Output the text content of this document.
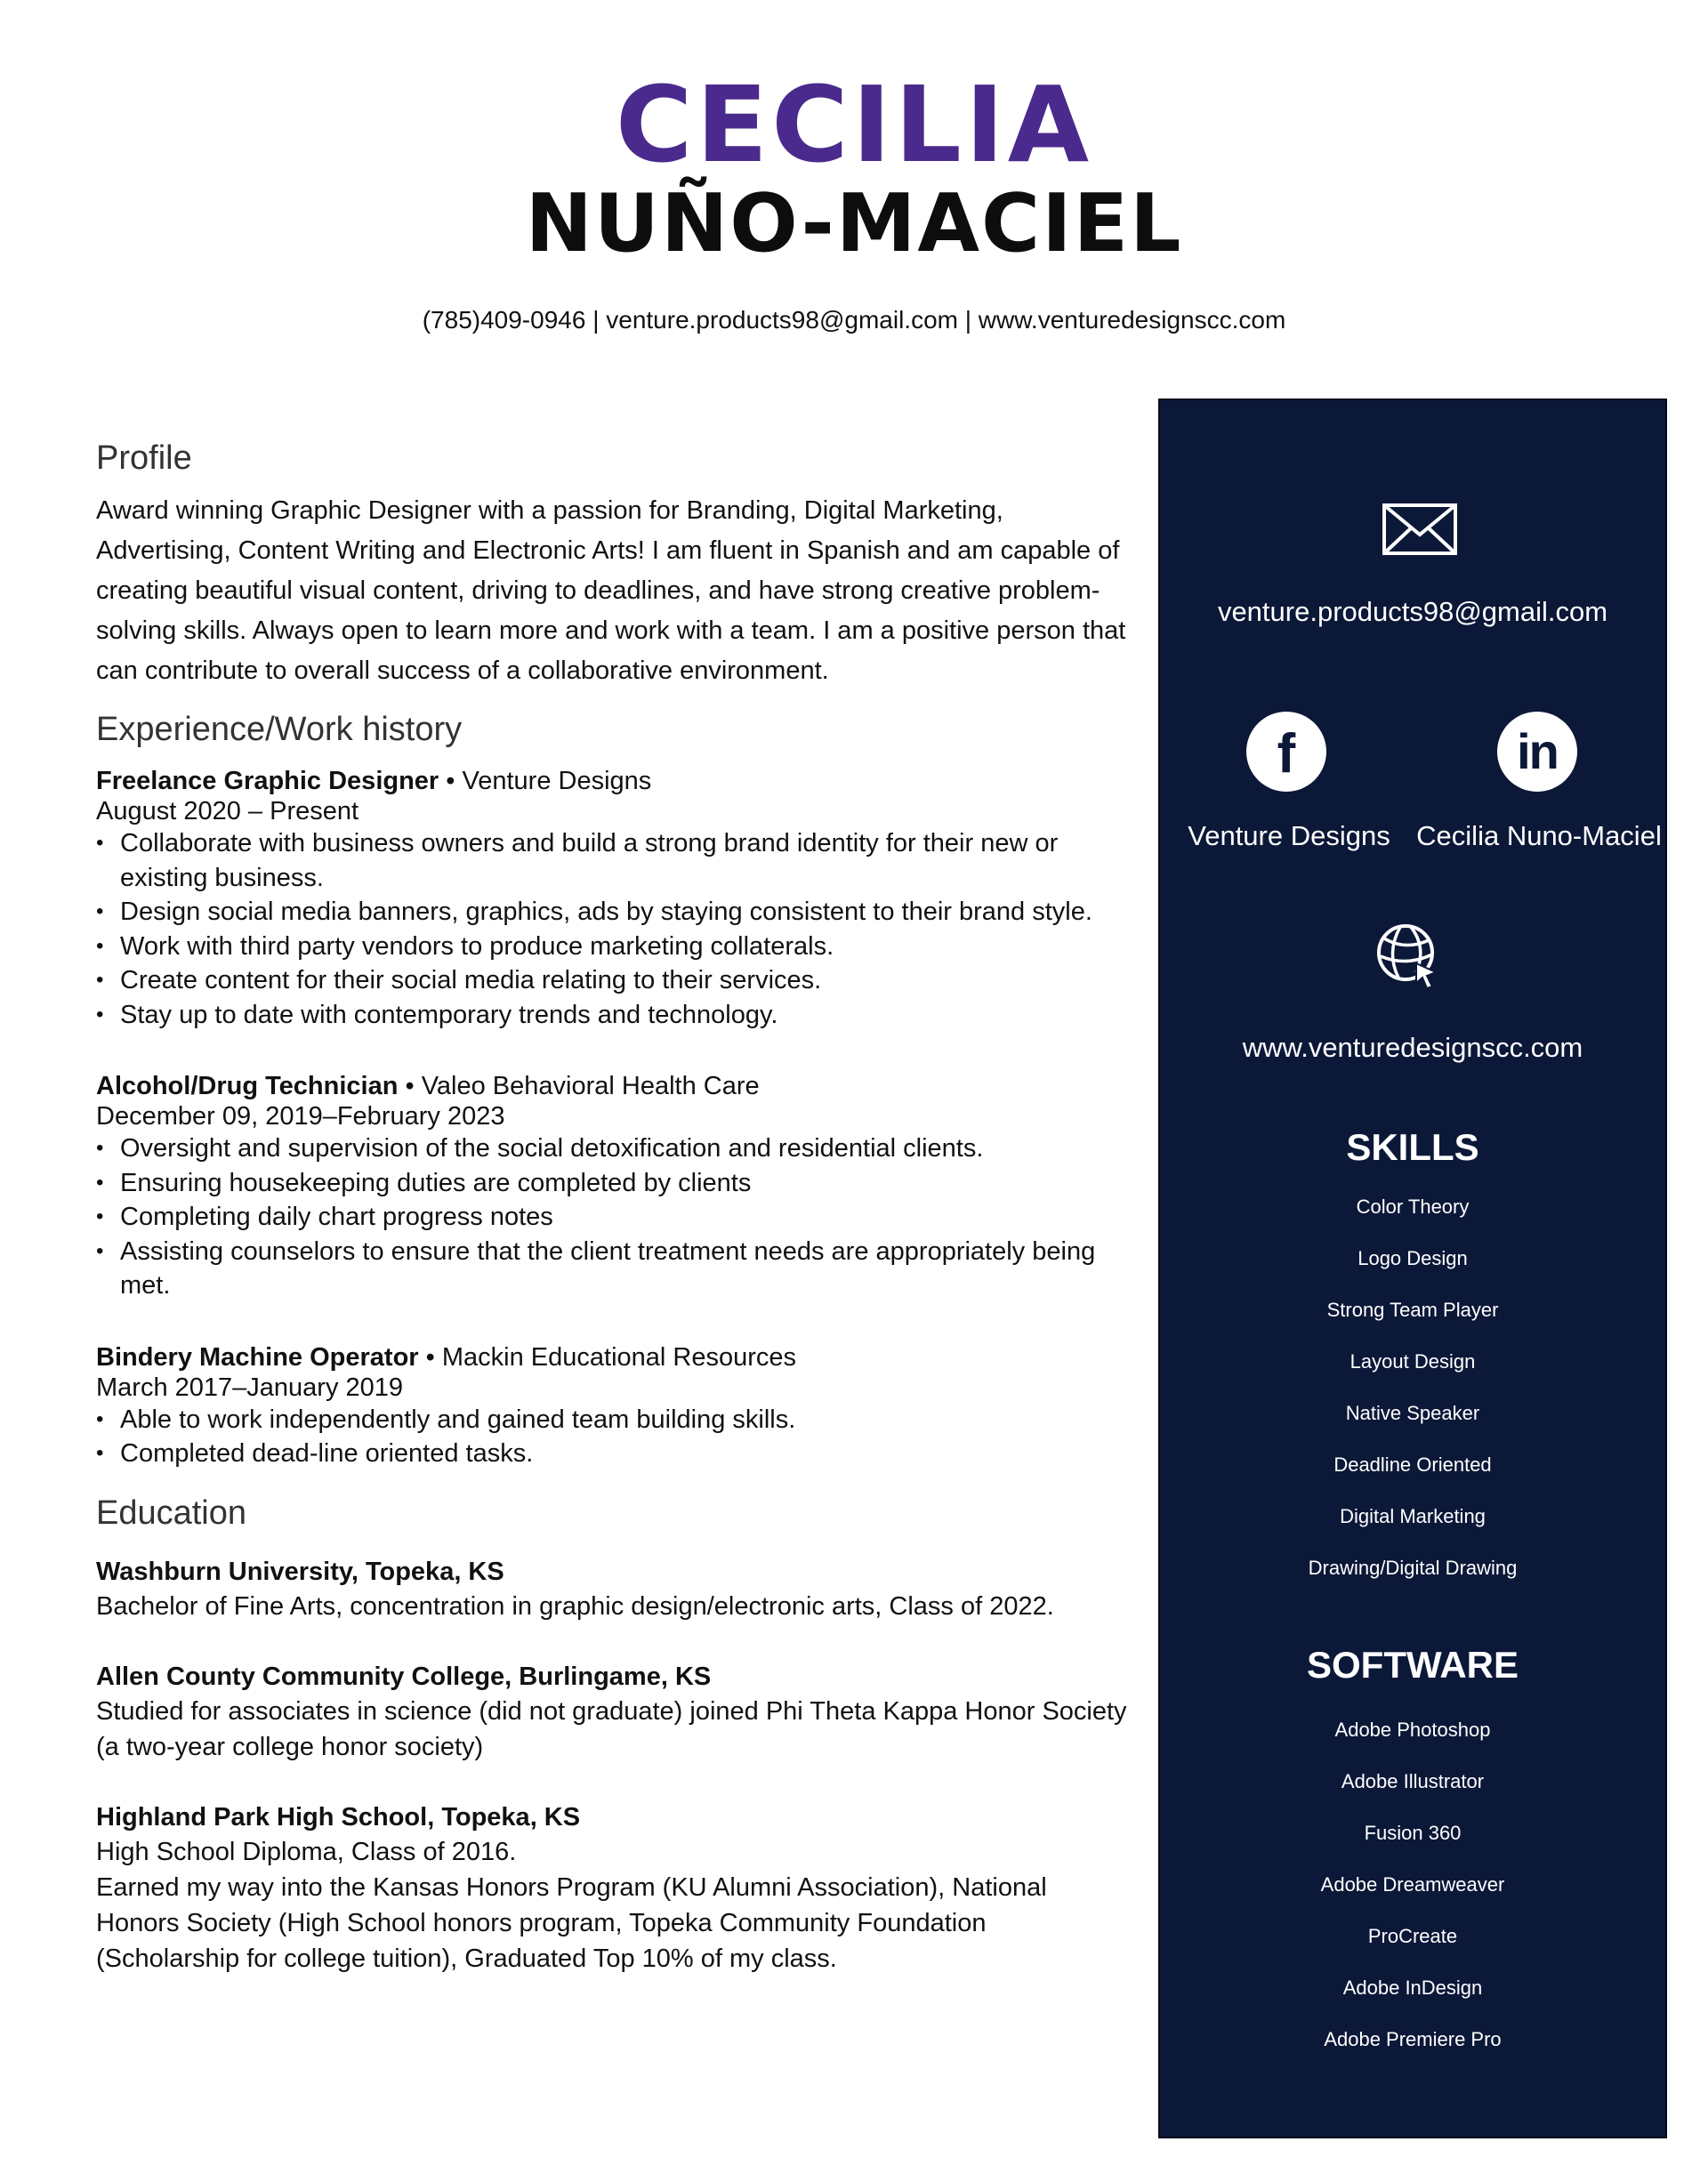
CECILIA
NUÑO-MACIEL
(785)409-0946 | venture.products98@gmail.com | www.venturedesignscc.com
Profile

Award winning Graphic Designer with a passion for Branding, Digital Marketing, Advertising, Content Writing and Electronic Arts! I am fluent in Spanish and am capable of creating beautiful visual content, driving to deadlines, and have strong creative problem-solving skills. Always open to learn more and work with a team. I am a positive person that can contribute to overall success of a collaborative environment.

Experience/Work history

Freelance Graphic Designer • Venture Designs

August 2020 – Present

• Collaborate with business owners and build a strong brand identity for their new or existing business.
• Design social media banners, graphics, ads by staying consistent to their brand style.
• Work with third party vendors to produce marketing collaterals.
• Create content for their social media relating to their services.
• Stay up to date with contemporary trends and technology.

Alcohol/Drug Technician • Valeo Behavioral Health Care

December 09, 2019–February 2023

• Oversight and supervision of the social detoxification and residential clients.
• Ensuring housekeeping duties are completed by clients
• Completing daily chart progress notes
• Assisting counselors to ensure that the client treatment needs are appropriately being met.

Bindery Machine Operator • Mackin Educational Resources

March 2017–January 2019

• Able to work independently and gained team building skills.
• Completed dead-line oriented tasks.
Education

Washburn University, Topeka, KS

Bachelor of Fine Arts, concentration in graphic design/electronic arts, Class of 2022.

Allen County Community College, Burlingame, KS

Studied for associates in science (did not graduate) joined Phi Theta Kappa Honor Society (a two-year college honor society)

Highland Park High School, Topeka, KS

High School Diploma, Class of 2016.

Earned my way into the Kansas Honors Program (KU Alumni Association), National Honors Society (High School honors program, Topeka Community Foundation (Scholarship for college tuition), Graduated Top 10% of my class.

venture.products98@gmail.com
f	in
Venture Designs Cecilia Nuno-Maciel
www.venturedesignscc.com
SKILLS
Color Theory
Logo Design
Strong Team Player
Layout Design
Native Speaker
Deadline Oriented
Digital Marketing
Drawing/Digital Drawing
SOFTWARE
Adobe Photoshop
Adobe Illustrator
Fusion 360
Adobe Dreamweaver
ProCreate
Adobe InDesign
Adobe Premiere Pro
